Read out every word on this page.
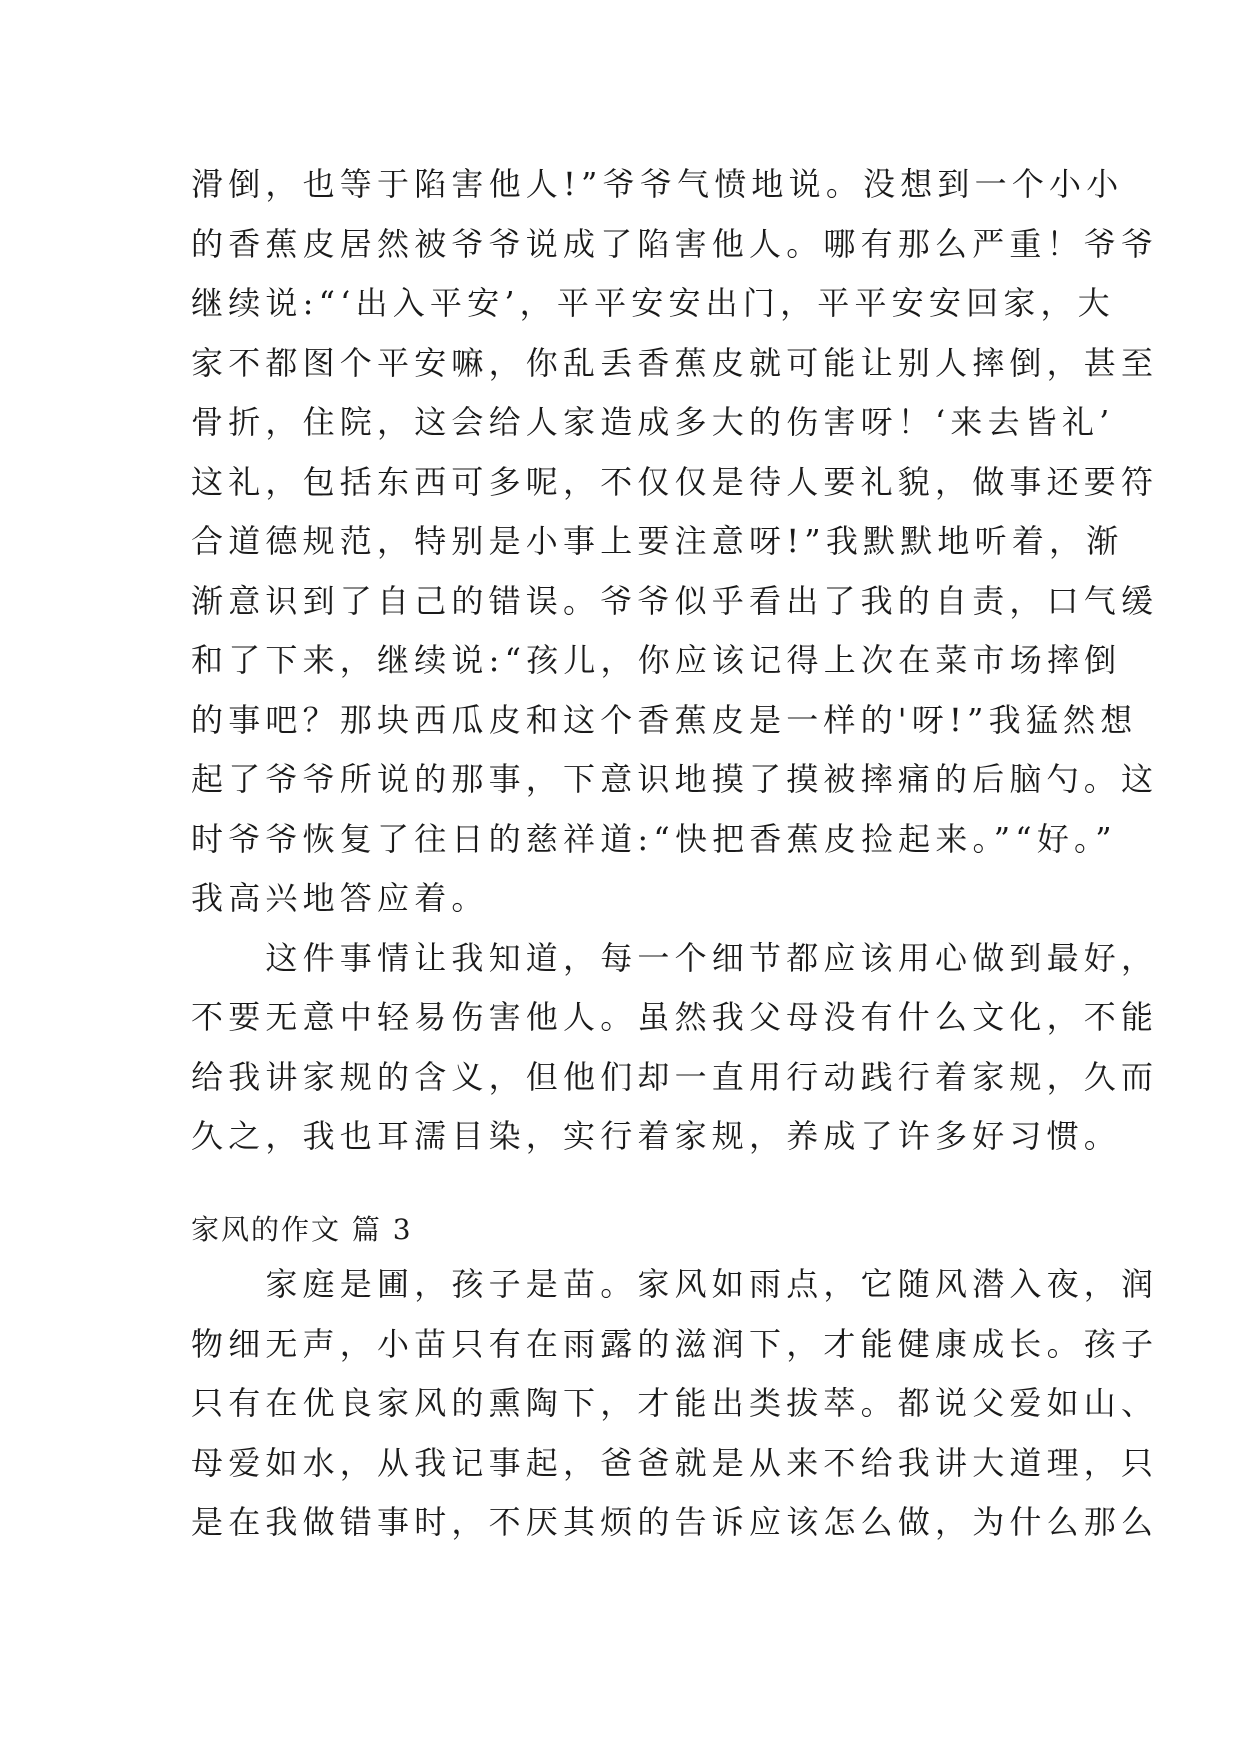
滑倒，也等于陷害他人!”爷爷气愤地说。没想到一个小小
的香蕉皮居然被爷爷说成了陷害他人。哪有那么严重！爷爷
继续说:“‘出入平安’，平平安安出门，平平安安回家，大
家不都图个平安嘛，你乱丢香蕉皮就可能让别人摔倒，甚至
骨折，住院，这会给人家造成多大的伤害呀！‘来去皆礼’
这礼，包括东西可多呢，不仅仅是待人要礼貌，做事还要符
合道德规范，特别是小事上要注意呀!”我默默地听着，渐
渐意识到了自己的错误。爷爷似乎看出了我的自责，口气缓
和了下来，继续说:“孩儿，你应该记得上次在菜市场摔倒
的事吧？那块西瓜皮和这个香蕉皮是一样的'呀!”我猛然想
起了爷爷所说的那事，下意识地摸了摸被摔痛的后脑勺。这
时爷爷恢复了往日的慈祥道:“快把香蕉皮捡起来。”“好。”
我高兴地答应着。
　　这件事情让我知道，每一个细节都应该用心做到最好，
不要无意中轻易伤害他人。虽然我父母没有什么文化，不能
给我讲家规的含义，但他们却一直用行动践行着家规，久而
久之，我也耳濡目染，实行着家规，养成了许多好习惯。
家风的作文 篇 3
　　家庭是圃，孩子是苗。家风如雨点，它随风潜入夜，润
物细无声，小苗只有在雨露的滋润下，才能健康成长。孩子
只有在优良家风的熏陶下，才能出类拔萃。都说父爱如山、
母爱如水，从我记事起，爸爸就是从来不给我讲大道理，只
是在我做错事时，不厌其烦的告诉应该怎么做，为什么那么
